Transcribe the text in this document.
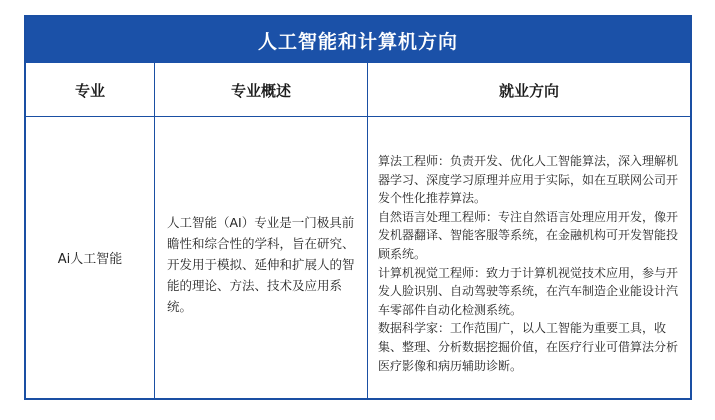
人工智能和计算机方向
专业	专业概述	就业方向
Ai人工智能
人工智能（AI）专业是一门极具前瞻性和综合性的学科，旨在研究、开发用于模拟、延伸和扩展人的智能的理论、方法、技术及应用系统。

算法工程师：负责开发、优化人工智能算法，深入理解机器学习、深度学习原理并应用于实际，如在互联网公司开发个性化推荐算法。

自然语言处理工程师：专注自然语言处理应用开发，像开发机器翻译、智能客服等系统，在金融机构可开发智能投顾系统。

计算机视觉工程师：致力于计算机视觉技术应用，参与开发人脸识别、自动驾驶等系统，在汽车制造企业能设计汽车零部件自动化检测系统。

数据科学家：工作范围广，以人工智能为重要工具，收集、整理、分析数据挖掘价值，在医疗行业可借算法分析医疗影像和病历辅助诊断。
